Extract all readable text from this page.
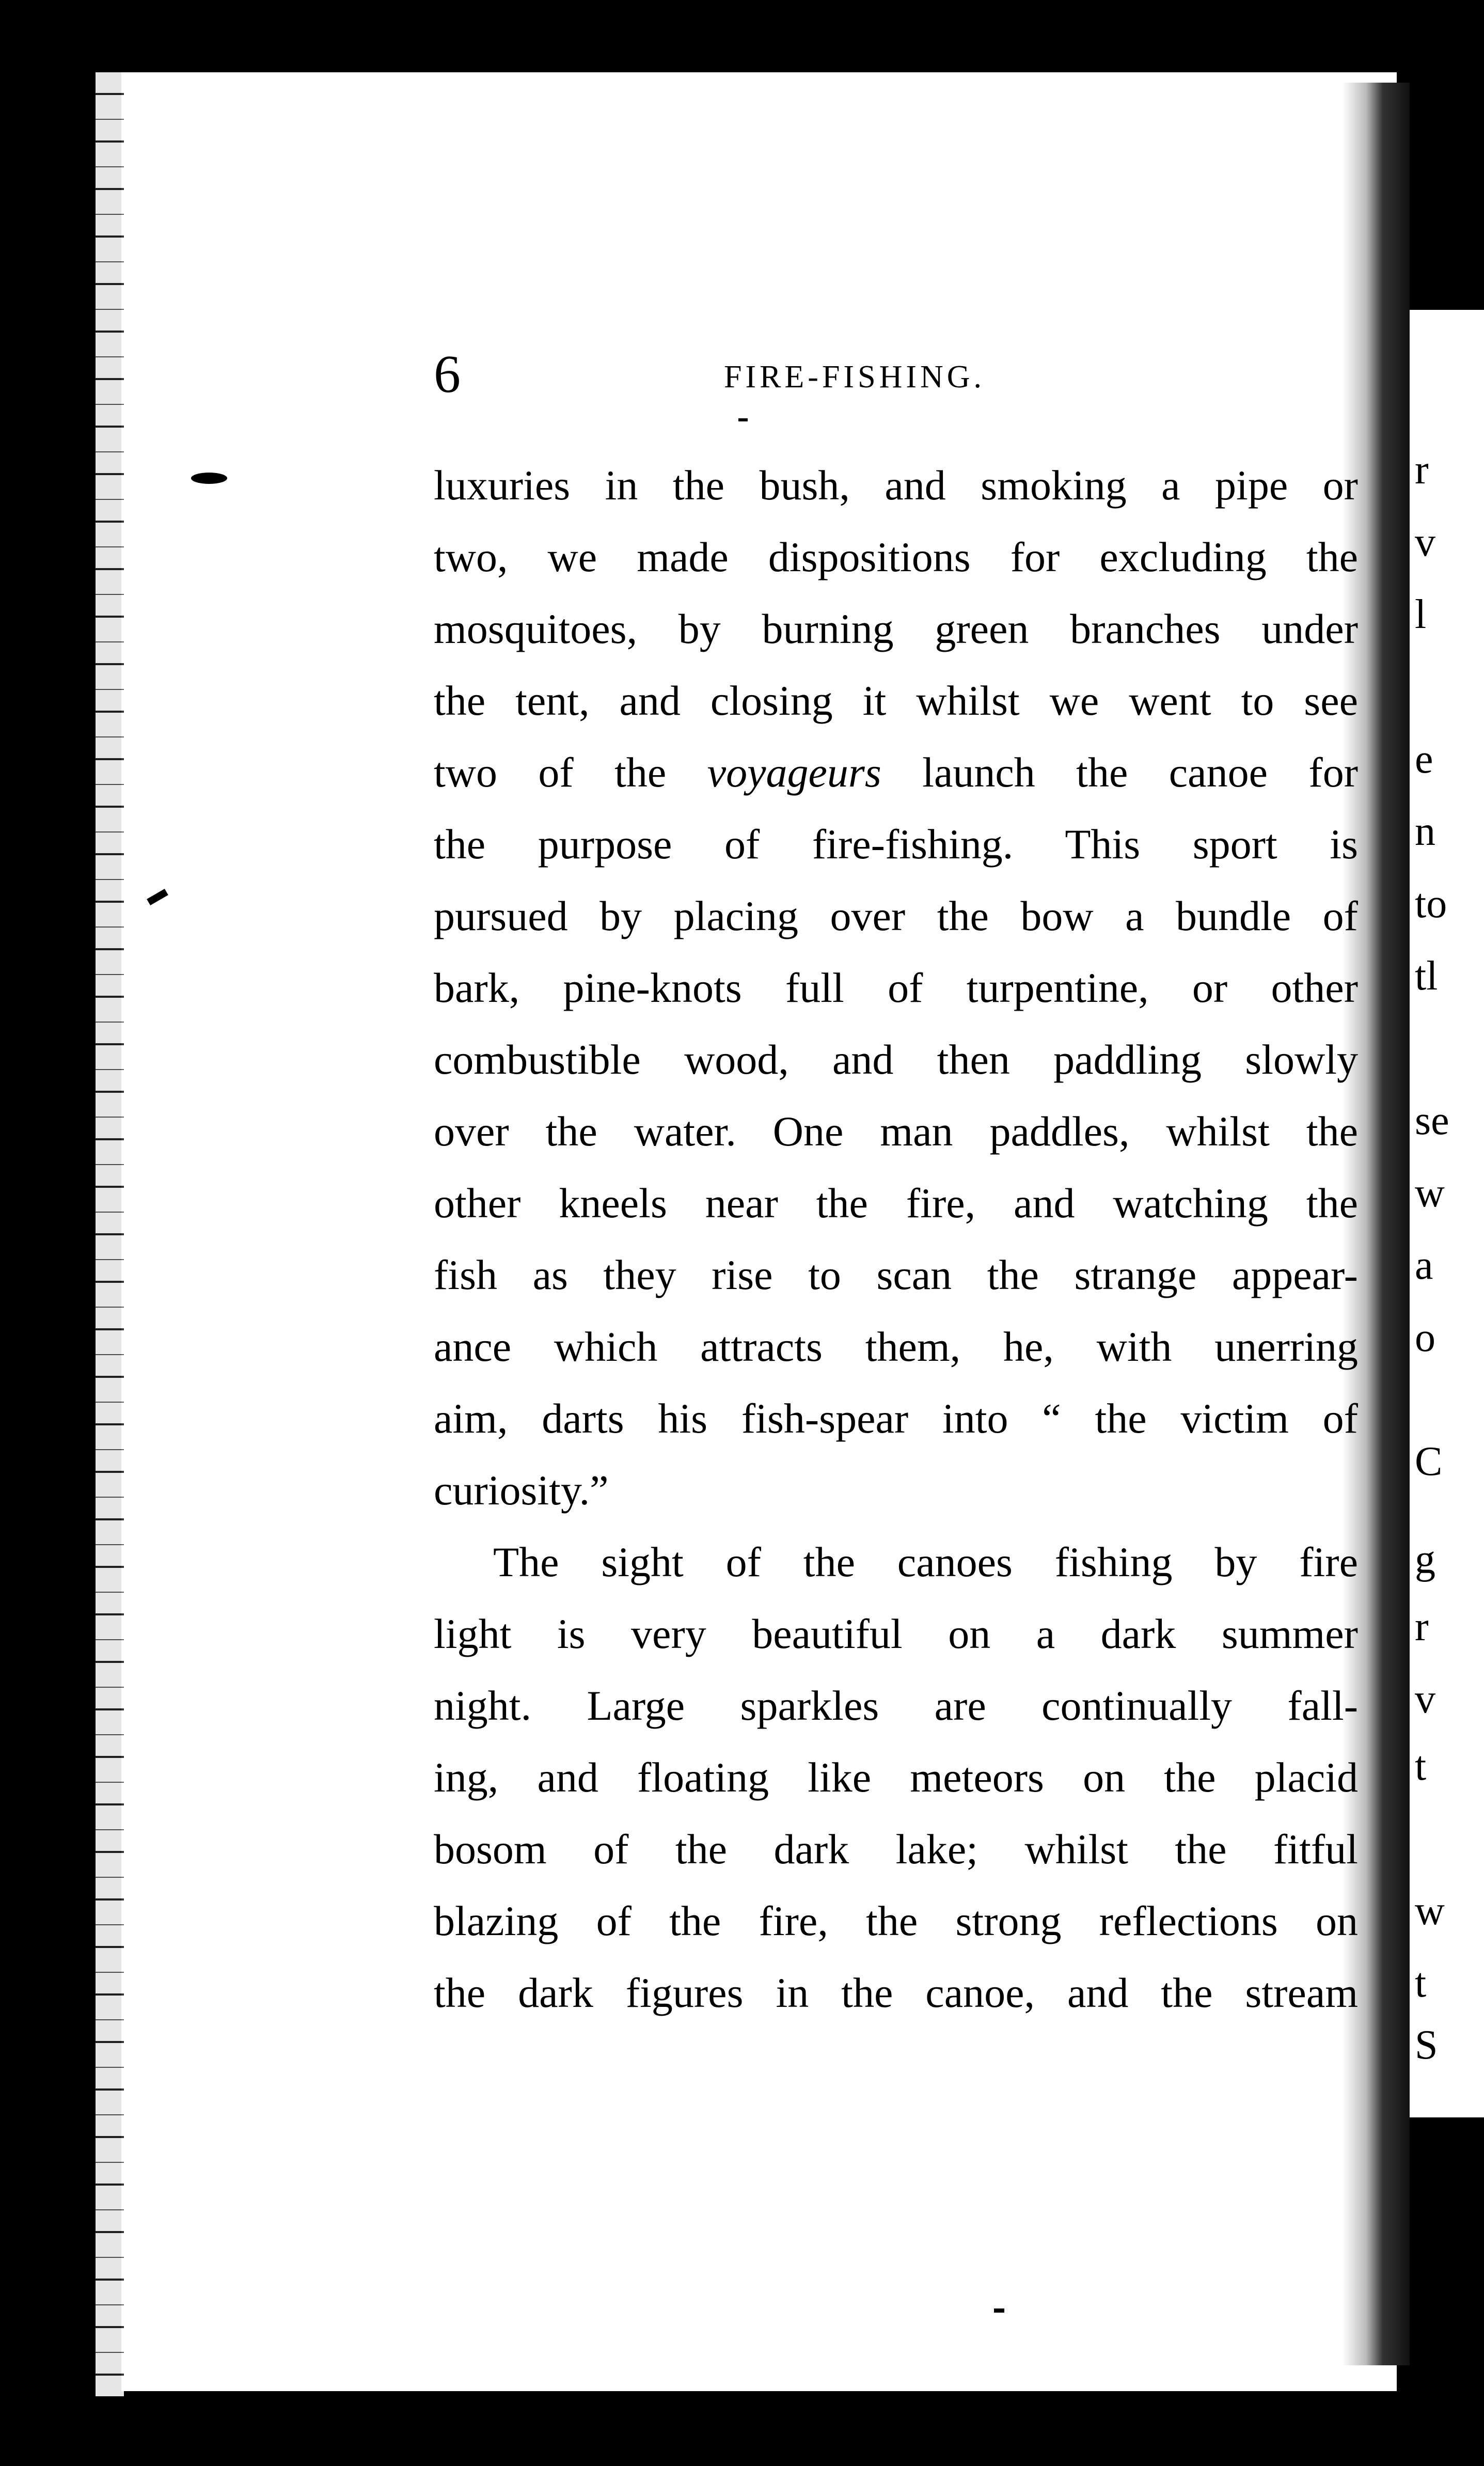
r
v
l
e
n
to
tl
se
w
a
o
C
g
r
v
t
w
t
S
6	FIRE-FISHING.
luxuries in the bush, and smoking a pipe or
two, we made dispositions for excluding the
mosquitoes, by burning green branches under
the tent, and closing it whilst we went to see
two of the voyageurs launch the canoe for
the purpose of fire-fishing. This sport is
pursued by placing over the bow a bundle of
bark, pine-knots full of turpentine, or other
combustible wood, and then paddling slowly
over the water. One man paddles, whilst the
other kneels near the fire, and watching the
fish as they rise to scan the strange appear-
ance which attracts them, he, with unerring
aim, darts his fish-spear into “ the victim of
curiosity.”
The sight of the canoes fishing by fire
light is very beautiful on a dark summer
night. Large sparkles are continually fall-
ing, and floating like meteors on the placid
bosom of the dark lake; whilst the fitful
blazing of the fire, the strong reflections on
the dark figures in the canoe, and the stream
